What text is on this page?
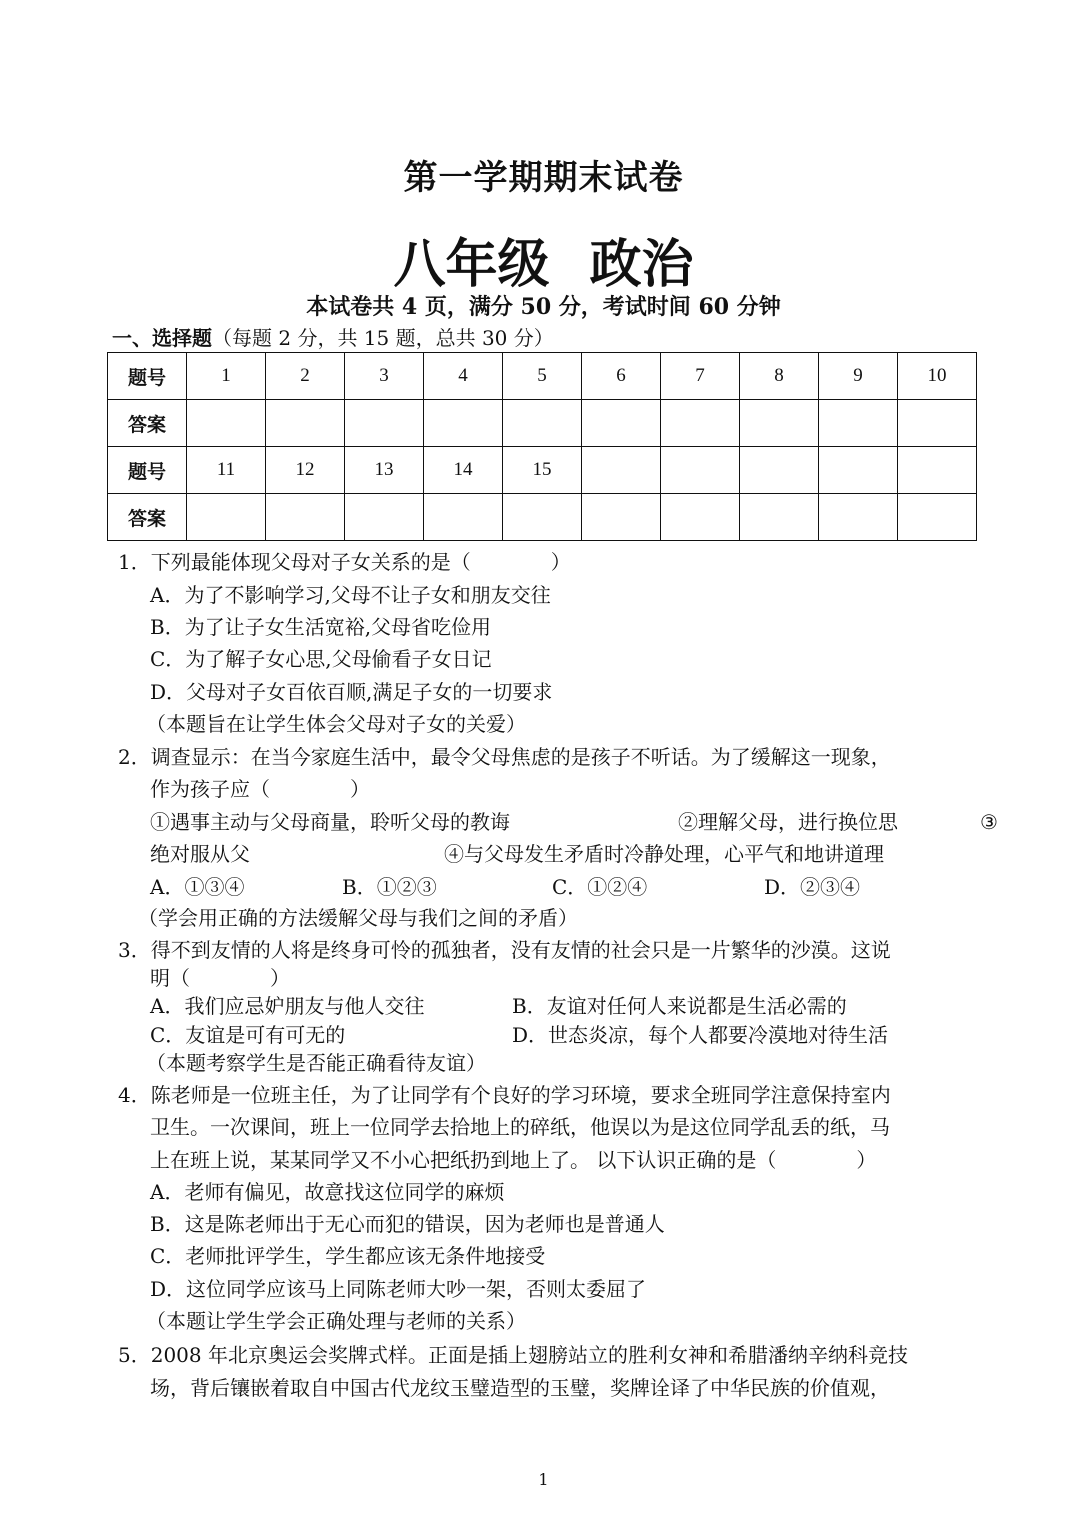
第一学期期末试卷
八年级 政治
本试卷共 4 页，满分 50 分，考试时间 60 分钟
一、选择题（每题 2 分，共 15 题，总共 30 分）
题号	1	2	3	4	5	6	7	8	9	10
答案										
题号	11	12	13	14	15					
答案										
1．下列最能体现父母对子女关系的是（　　　　）
A．为了不影响学习,父母不让子女和朋友交往
B．为了让子女生活宽裕,父母省吃俭用
C．为了解子女心思,父母偷看子女日记
D．父母对子女百依百顺,满足子女的一切要求
（本题旨在让学生体会父母对子女的关爱）
2．调查显示：在当今家庭生活中，最令父母焦虑的是孩子不听话。为了缓解这一现象，
作为孩子应（　　　　）
①遇事主动与父母商量，聆听父母的教诲	②理解父母，进行换位思	③
绝对服从父	④与父母发生矛盾时冷静处理，心平气和地讲道理
A．①③④	B．①②③	C．①②④	D．②③④
（学会用正确的方法缓解父母与我们之间的矛盾）
3．得不到友情的人将是终身可怜的孤独者，没有友情的社会只是一片繁华的沙漠。这说
明（　　　　）
A．我们应忌妒朋友与他人交往	B．友谊对任何人来说都是生活必需的
C．友谊是可有可无的	D．世态炎凉，每个人都要冷漠地对待生活
（本题考察学生是否能正确看待友谊）
4．陈老师是一位班主任，为了让同学有个良好的学习环境，要求全班同学注意保持室内
卫生。一次课间，班上一位同学去拾地上的碎纸，他误以为是这位同学乱丢的纸，马
上在班上说，某某同学又不小心把纸扔到地上了。 以下认识正确的是（　　　　）
A．老师有偏见，故意找这位同学的麻烦
B．这是陈老师出于无心而犯的错误，因为老师也是普通人
C．老师批评学生，学生都应该无条件地接受
D．这位同学应该马上同陈老师大吵一架，否则太委屈了
（本题让学生学会正确处理与老师的关系）
5．2008 年北京奥运会奖牌式样。正面是插上翅膀站立的胜利女神和希腊潘纳辛纳科竞技
场，背后镶嵌着取自中国古代龙纹玉璧造型的玉璧，奖牌诠译了中华民族的价值观，
1
